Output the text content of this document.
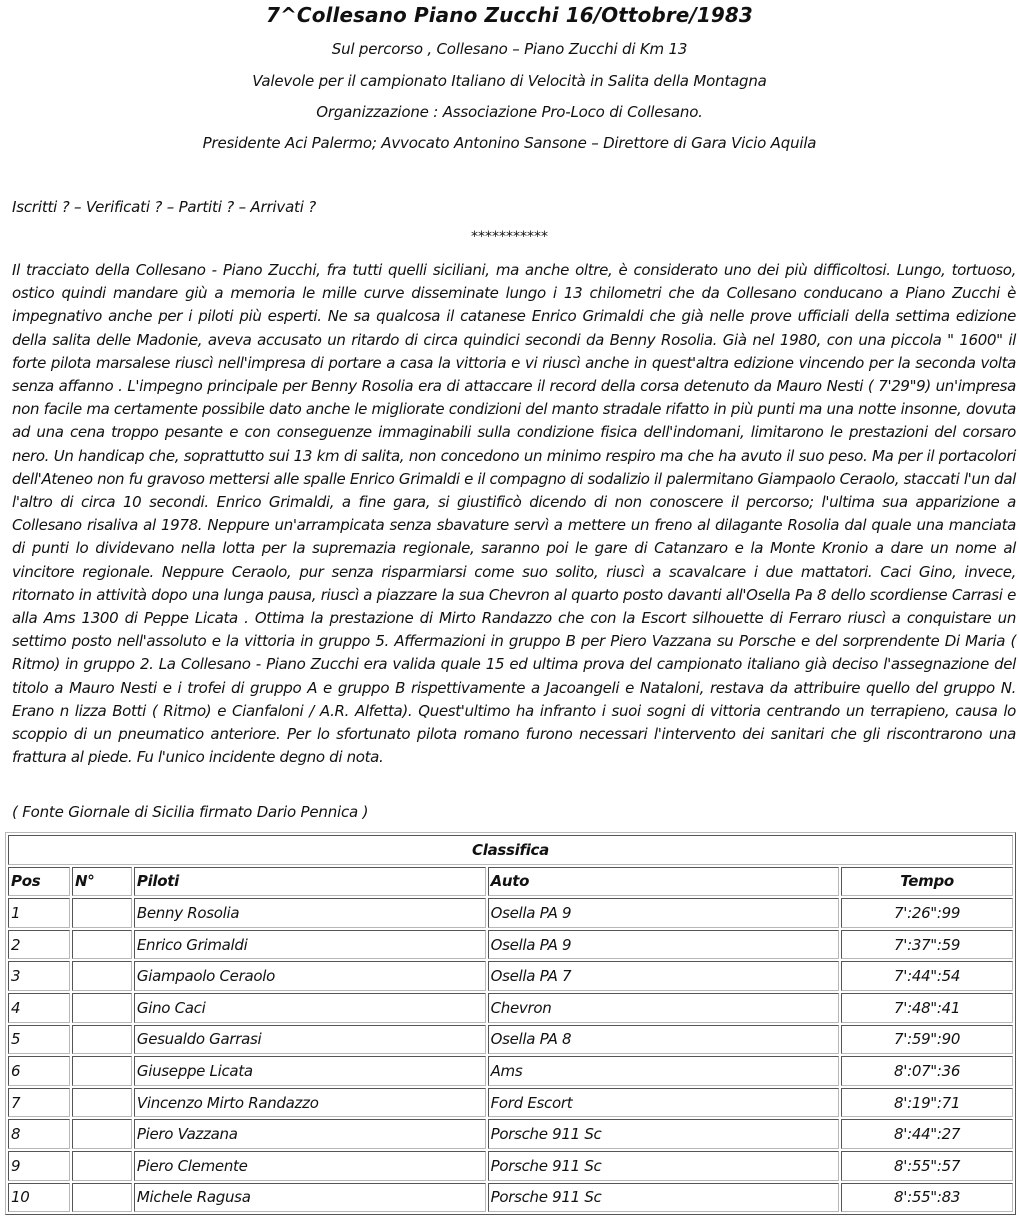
7^Collesano Piano Zucchi 16/Ottobre/1983
Sul percorso , Collesano – Piano Zucchi di Km 13
Valevole per il campionato Italiano di Velocità in Salita della Montagna
Organizzazione : Associazione Pro-Loco di Collesano.
Presidente Aci Palermo; Avvocato Antonino Sansone – Direttore di Gara Vicio Aquila
Iscritti ? – Verificati ? – Partiti ? – Arrivati ?
***********

Il tracciato della Collesano - Piano Zucchi, fra tutti quelli siciliani, ma anche oltre, è considerato uno dei più difficoltosi. Lungo, tortuoso, ostico quindi mandare giù a memoria le mille curve disseminate lungo i 13 chilometri che da Collesano conducano a Piano Zucchi è impegnativo anche per i piloti più esperti. Ne sa qualcosa il catanese Enrico Grimaldi che già nelle prove ufficiali della settima edizione della salita delle Madonie, aveva accusato un ritardo di circa quindici secondi da Benny Rosolia. Già nel 1980, con una piccola " 1600" il forte pilota marsalese riuscì nell'impresa di portare a casa la vittoria e vi riuscì anche in quest'altra edizione vincendo per la seconda volta senza affanno . L'impegno principale per Benny Rosolia era di attaccare il record della corsa detenuto da Mauro Nesti ( 7'29"9) un'impresa non facile ma certamente possibile dato anche le migliorate condizioni del manto stradale rifatto in più punti ma una notte insonne, dovuta ad una cena troppo pesante e con conseguenze immaginabili sulla condizione fisica dell'indomani, limitarono le prestazioni del corsaro nero. Un handicap che, soprattutto sui 13 km di salita, non concedono un minimo respiro ma che ha avuto il suo peso. Ma per il portacolori dell'Ateneo non fu gravoso mettersi alle spalle Enrico Grimaldi e il compagno di sodalizio il palermitano Giampaolo Ceraolo, staccati l'un dal l'altro di circa 10 secondi. Enrico Grimaldi, a fine gara, si giustificò dicendo di non conoscere il percorso; l'ultima sua apparizione a Collesano risaliva al 1978. Neppure un'arrampicata senza sbavature servì a mettere un freno al dilagante Rosolia dal quale una manciata di punti lo dividevano nella lotta per la supremazia regionale, saranno poi le gare di Catanzaro e la Monte Kronio a dare un nome al vincitore regionale. Neppure Ceraolo, pur senza risparmiarsi come suo solito, riuscì a scavalcare i due mattatori. Caci Gino, invece, ritornato in attività dopo una lunga pausa, riuscì a piazzare la sua Chevron al quarto posto davanti all'Osella Pa 8 dello scordiense Carrasi e alla Ams 1300 di Peppe Licata . Ottima la prestazione di Mirto Randazzo che con la Escort silhouette di Ferraro riuscì a conquistare un settimo posto nell'assoluto e la vittoria in gruppo 5. Affermazioni in gruppo B per Piero Vazzana su Porsche e del sorprendente Di Maria ( Ritmo) in gruppo 2. La Collesano - Piano Zucchi era valida quale 15 ed ultima prova del campionato italiano già deciso l'assegnazione del titolo a Mauro Nesti e i trofei di gruppo A e gruppo B rispettivamente a Jacoangeli e Nataloni, restava da attribuire quello del gruppo N. Erano n lizza Botti ( Ritmo) e Cianfaloni / A.R. Alfetta). Quest'ultimo ha infranto i suoi sogni di vittoria centrando un terrapieno, causa lo scoppio di un pneumatico anteriore. Per lo sfortunato pilota romano furono necessari l'intervento dei sanitari che gli riscontrarono una frattura al piede. Fu l'unico incidente degno di nota.

( Fonte Giornale di Sicilia firmato Dario Pennica )
Classifica				
Pos	N°	Piloti	Auto	Tempo
1		Benny Rosolia	Osella PA 9	7':26":99
2		Enrico Grimaldi	Osella PA 9	7':37":59
3		Giampaolo Ceraolo	Osella PA 7	7':44":54
4		Gino Caci	Chevron	7':48":41
5		Gesualdo Garrasi	Osella PA 8	7':59":90
6		Giuseppe Licata	Ams	8':07":36
7		Vincenzo Mirto Randazzo	Ford Escort	8':19":71
8		Piero Vazzana	Porsche 911 Sc	8':44":27
9		Piero Clemente	Porsche 911 Sc	8':55":57
10		Michele Ragusa	Porsche 911 Sc	8':55":83
